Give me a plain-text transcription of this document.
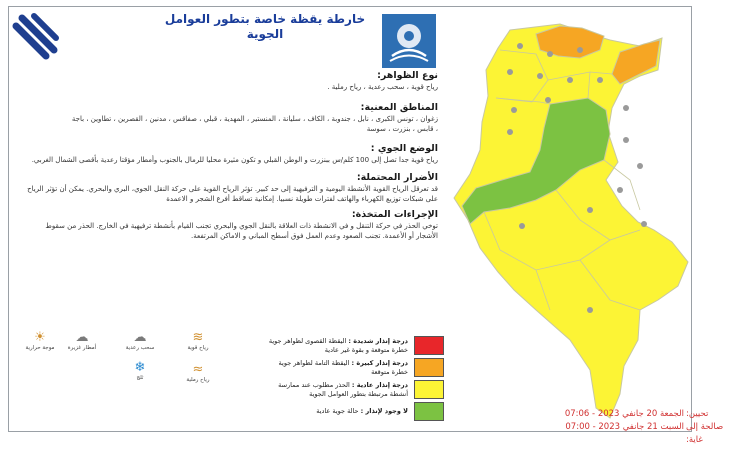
خارطة يقظة خاصة بتطور العوامل
الجوية
نوع الظواهر:
رياح قوية ، سحب رعدية ، رياح رملية .
المناطق المعنية:
زغوان ، تونس الكبرى ، نابل ، جندوبة ، الكاف ، سليانة ، المنستير ، المهدية ، قبلي ، صفاقس ، مدنين ، القصرين ، تطاوين ، باجة
، قابس ، بنزرت ، سوسة
الوضع الجوي :
رياح قوية جدا تصل إلى 100 كلم/س ببنزرت و الوطن القبلي و تكون مثيرة محليا للرمال بالجنوب وأمطار مؤقتا رعدية بأقصى الشمال الغربي.
الأضرار المحتملة:
قد تعرقل الرياح القوية الأنشطة اليومية و الترفيهية إلى حد كبير. تؤثر الرياح القوية على حركة النقل الجوي، البري والبحري. يمكن أن تؤثر الرياح
على شبكات توزيع الكهرباء والهاتف لفترات طويلة نسبيا. إمكانية تساقط أفرع الشجر و الاعمدة
الإجراءات المتخذة:
توخي الحذر في حركة التنقل و في الانشطة ذات العلاقة بالنقل الجوي والبحري تجنب القيام بأنشطة ترفيهية في الخارج. الحذر من سقوط
الأشجار أو الأعمدة. تجنب الصعود وعدم العمل فوق أسطح المباني و الاماكن المرتفعة.
☀
موجة حرارية
☁
أمطار غزيرة
☁
سحب رعدية
≋
رياح قوية
❄
ثلج
≈
رياح رملية
درجة إنذار شديدة : اليقظة القصوى لظواهر جوية
خطرة متوقعة و بقوة غير عادية
درجة إنذار كبيرة : اليقظة التامة لظواهر جوية
خطرة متوقعة
درجة إنذار عادية : الحذر مطلوب عند ممارسة
أنشطة مرتبطة بتطور العوامل الجوية
لا وجود لإنذار : حالة جوية عادية	الجمعة 20 جانفي 2023 - 07:06 تحيين:
السبت 21 جانفي 2023 - 07:00 صالحة إلى غاية:
